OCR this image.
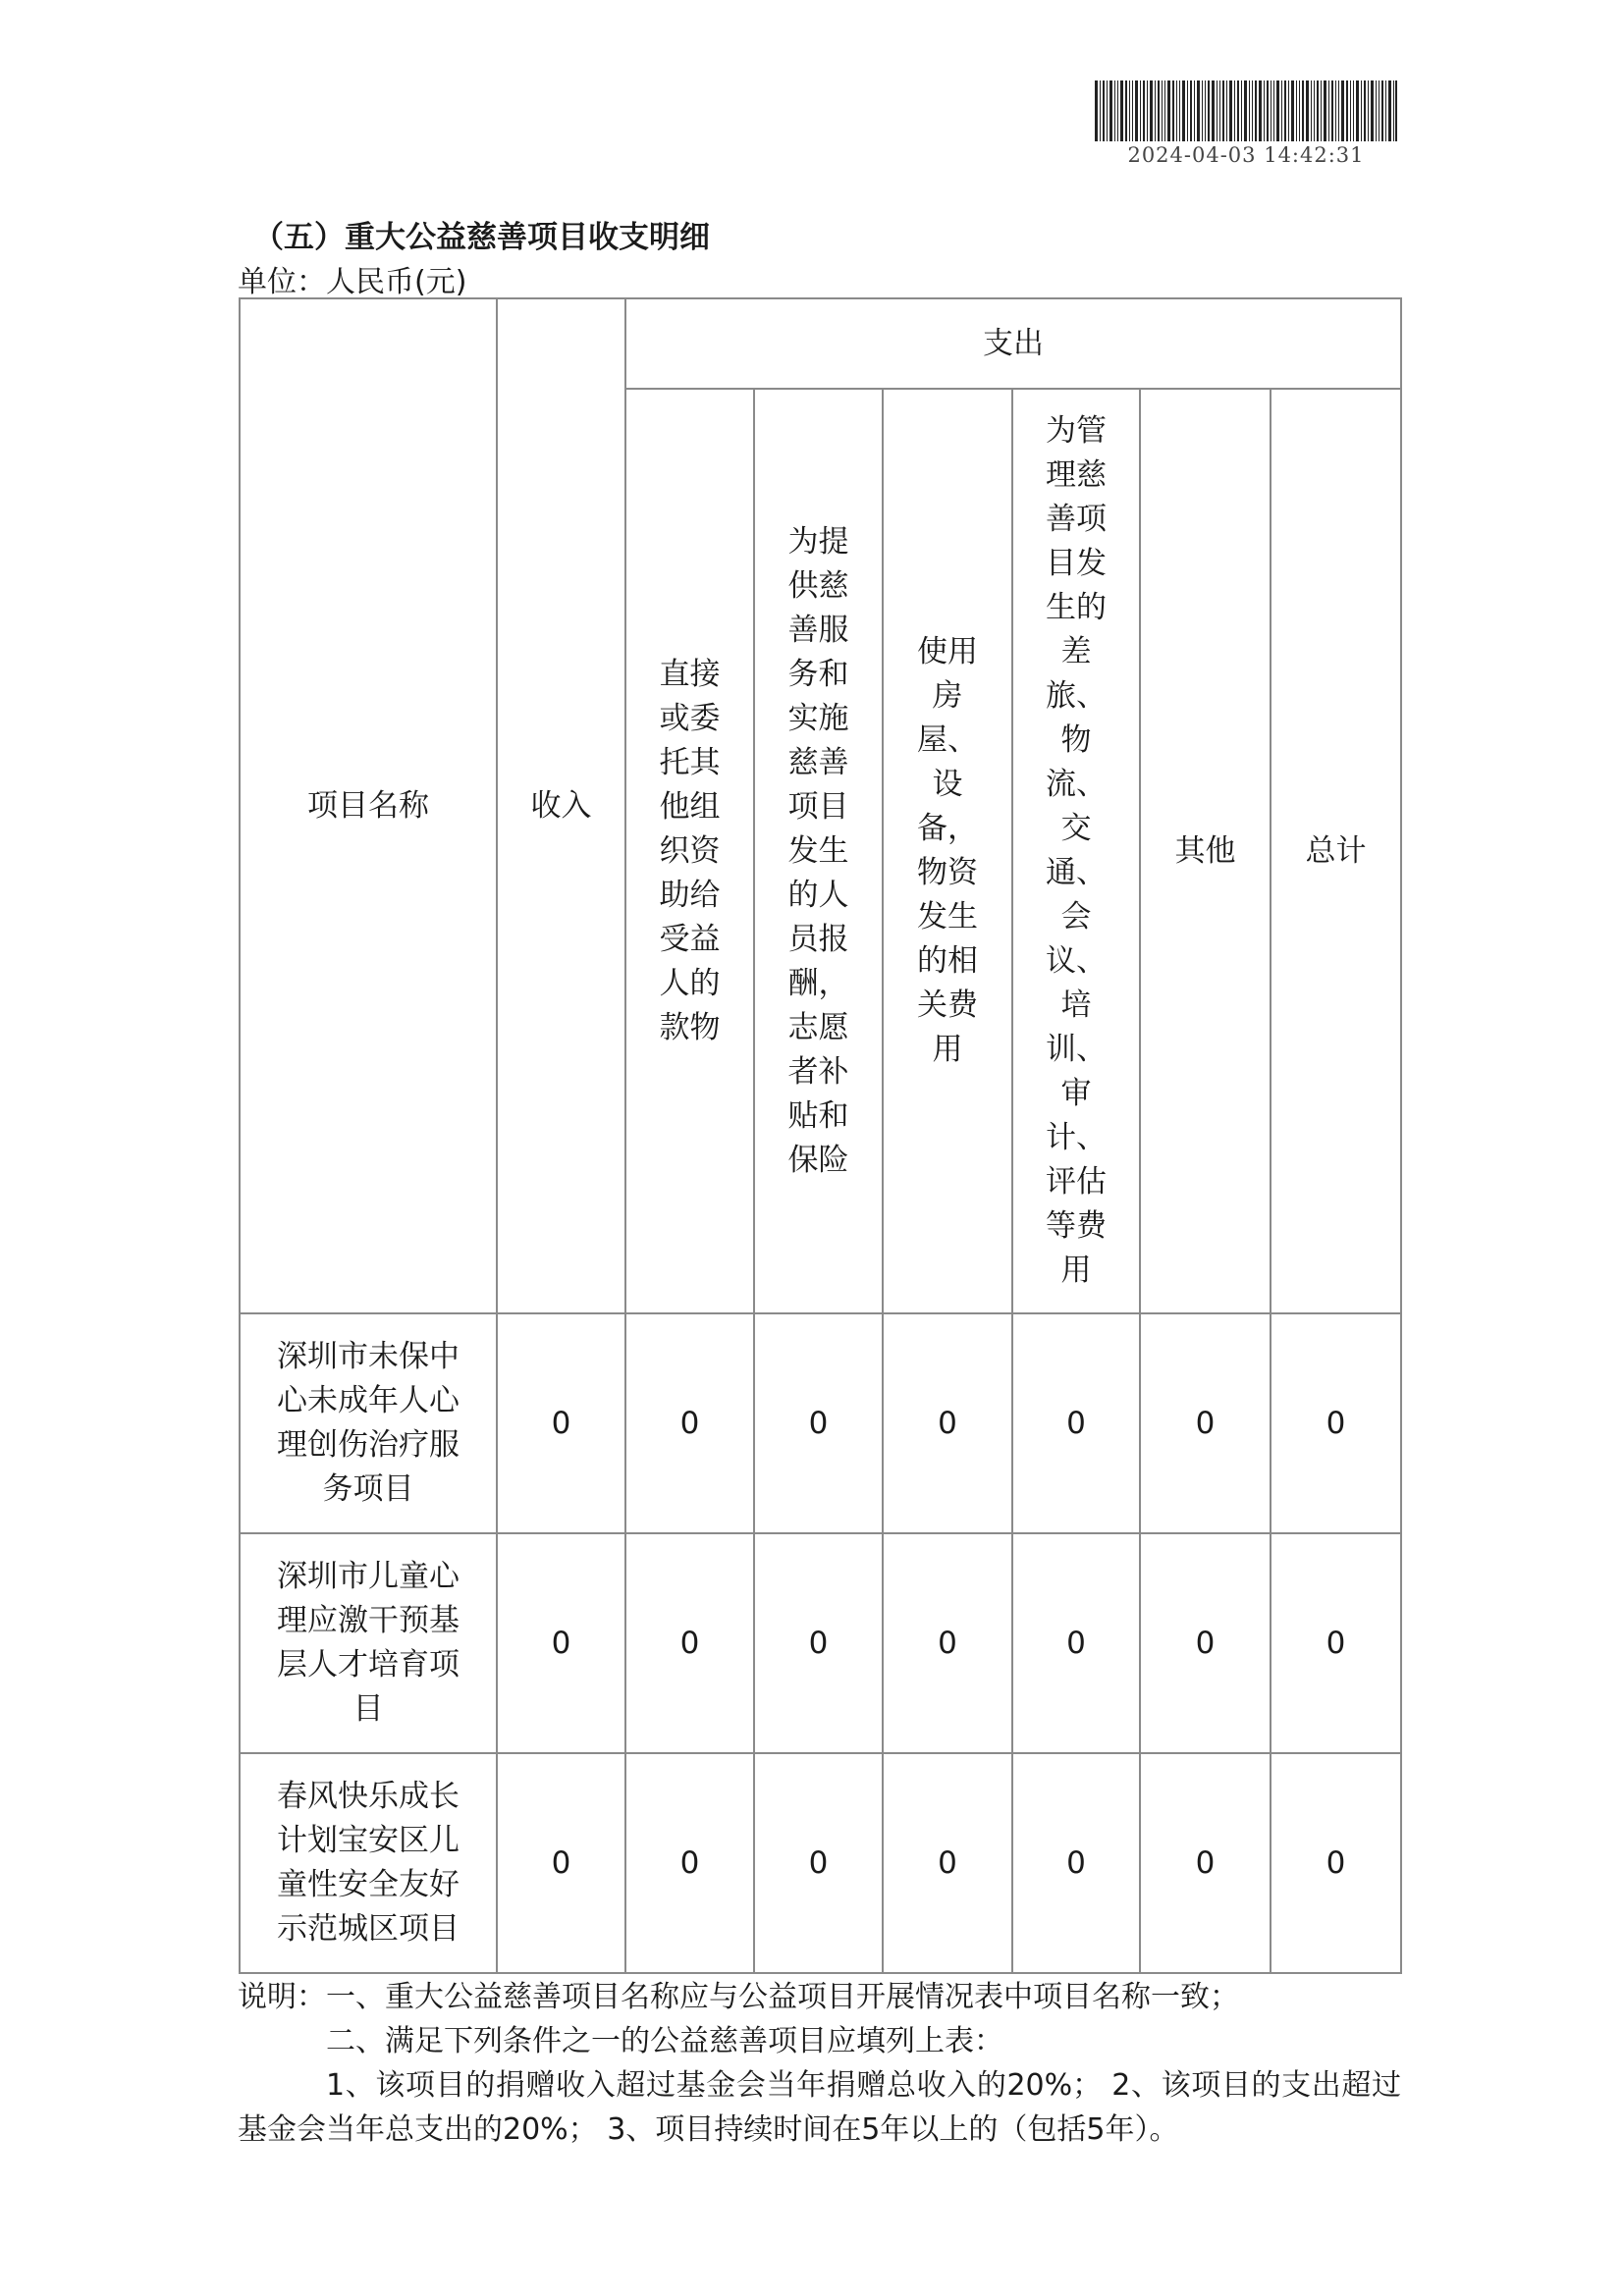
2024-04-03 14:42:31
（五）重大公益慈善项目收支明细
单位：人民币(元)
项目名称	收入	支出					
		直接或委托其他组织资助给受益人的款物	为提供慈善服务和实施慈善项目发生的人员报酬，志愿者补贴和保险	使用房屋、设备，物资发生的相关费用	为管理慈善项目发生的差旅、物流、交通、会议、培训、审计、评估等费用	其他	总计
深圳市未保中心未成年人心理创伤治疗服务项目	0	0	0	0	0	0	0
深圳市儿童心理应激干预基层人才培育项目	0	0	0	0	0	0	0
春风快乐成长计划宝安区儿童性安全友好示范城区项目	0	0	0	0	0	0	0
说明：一、重大公益慈善项目名称应与公益项目开展情况表中项目名称一致；
二、满足下列条件之一的公益慈善项目应填列上表：
1、该项目的捐赠收入超过基金会当年捐赠总收入的20%； 2、该项目的支出超过基金会当年总支出的20%； 3、项目持续时间在5年以上的（包括5年）。
